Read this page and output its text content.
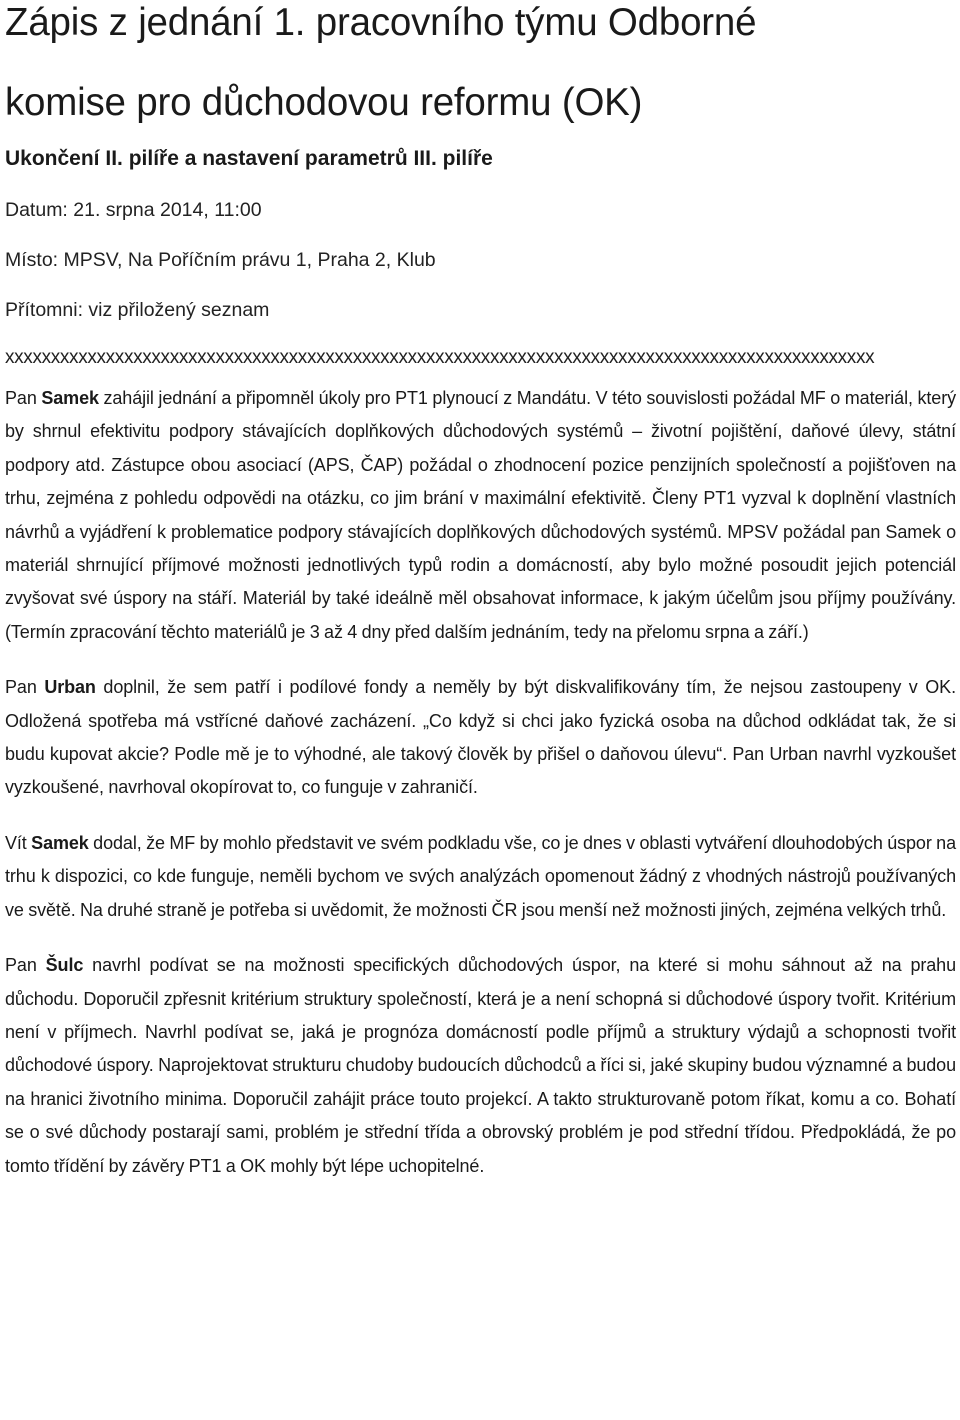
Zápis z jednání 1. pracovního týmu Odborné
komise pro důchodovou reformu (OK)
Ukončení II. pilíře a nastavení parametrů III. pilíře
Datum: 21. srpna 2014, 11:00
Místo: MPSV, Na Poříčním právu 1, Praha 2, Klub
Přítomni: viz přiložený seznam
xxxxxxxxxxxxxxxxxxxxxxxxxxxxxxxxxxxxxxxxxxxxxxxxxxxxxxxxxxxxxxxxxxxxxxxxxxxxxxxxxxxxxxxxxxxxxxx

Pan Samek zahájil jednání a připomněl úkoly pro PT1 plynoucí z Mandátu. V této souvislosti požádal MF o materiál, který by shrnul efektivitu podpory stávajících doplňkových důchodových systémů – životní pojištění, daňové úlevy, státní podpory atd. Zástupce obou asociací (APS, ČAP) požádal o zhodnocení pozice penzijních společností a pojišťoven na trhu, zejména z pohledu odpovědi na otázku, co jim brání v maximální efektivitě. Členy PT1 vyzval k doplnění vlastních návrhů a vyjádření k problematice podpory stávajících doplňkových důchodových systémů. MPSV požádal pan Samek o materiál shrnující příjmové možnosti jednotlivých typů rodin a domácností, aby bylo možné posoudit jejich potenciál zvyšovat své úspory na stáří. Materiál by také ideálně měl obsahovat informace, k jakým účelům jsou příjmy používány. (Termín zpracování těchto materiálů je 3 až 4 dny před dalším jednáním, tedy na přelomu srpna a září.)

Pan Urban doplnil, že sem patří i podílové fondy a neměly by být diskvalifikovány tím, že nejsou zastoupeny v OK. Odložená spotřeba má vstřícné daňové zacházení. „Co když si chci jako fyzická osoba na důchod odkládat tak, že si budu kupovat akcie? Podle mě je to výhodné, ale takový člověk by přišel o daňovou úlevu“. Pan Urban navrhl vyzkoušet vyzkoušené, navrhoval okopírovat to, co funguje v zahraničí.

Vít Samek dodal, že MF by mohlo představit ve svém podkladu vše, co je dnes v oblasti vytváření dlouhodobých úspor na trhu k dispozici, co kde funguje, neměli bychom ve svých analýzách opomenout žádný z vhodných nástrojů používaných ve světě. Na druhé straně je potřeba si uvědomit, že možnosti ČR jsou menší než možnosti jiných, zejména velkých trhů.

Pan Šulc navrhl podívat se na možnosti specifických důchodových úspor, na které si mohu sáhnout až na prahu důchodu. Doporučil zpřesnit kritérium struktury společností, která je a není schopná si důchodové úspory tvořit. Kritérium není v příjmech. Navrhl podívat se, jaká je prognóza domácností podle příjmů a struktury výdajů a schopnosti tvořit důchodové úspory. Naprojektovat strukturu chudoby budoucích důchodců a říci si, jaké skupiny budou významné a budou na hranici životního minima. Doporučil zahájit práce touto projekcí. A takto strukturovaně potom říkat, komu a co. Bohatí se o své důchody postarají sami, problém je střední třída a obrovský problém je pod střední třídou. Předpokládá, že po tomto třídění by závěry PT1 a OK mohly být lépe uchopitelné.
